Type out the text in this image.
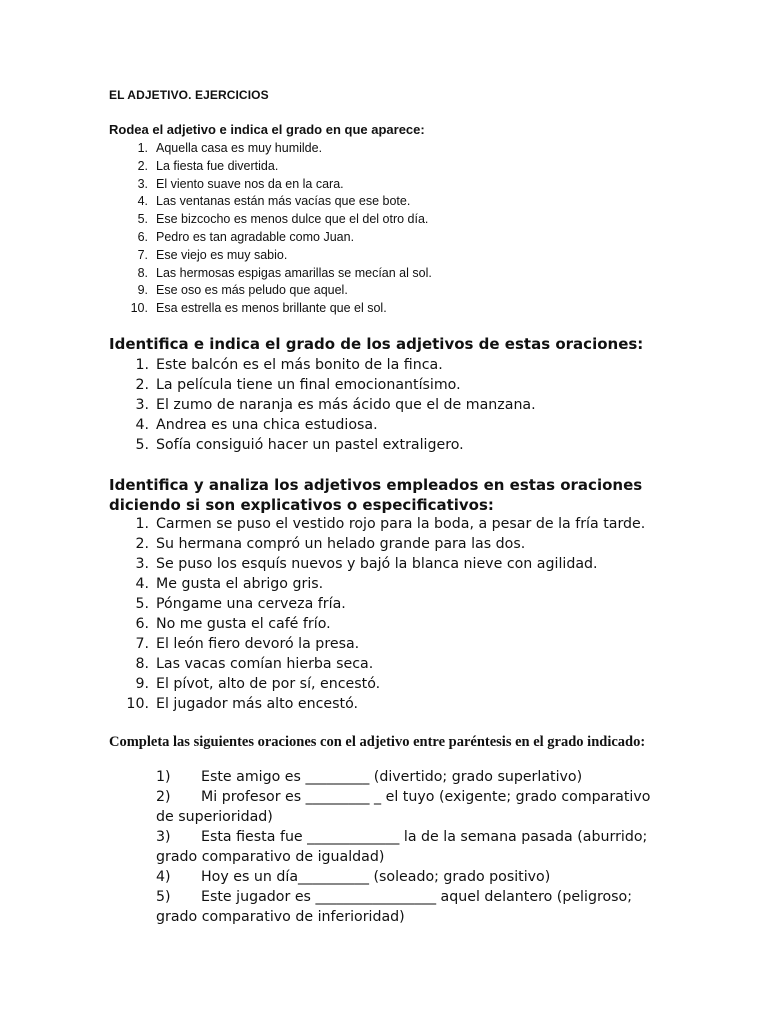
EL ADJETIVO. EJERCICIOS
Rodea el adjetivo e indica el grado en que aparece:
1. Aquella casa es muy humilde.
2. La fiesta fue divertida.
3. El viento suave nos da en la cara.
4. Las ventanas están más vacías que ese bote.
5. Ese bizcocho es menos dulce que el del otro día.
6. Pedro es tan agradable como Juan.
7. Ese viejo es muy sabio.
8. Las hermosas espigas amarillas se mecían al sol.
9. Ese oso es más peludo que aquel.
10. Esa estrella es menos brillante que el sol.
Identifica e indica el grado de los adjetivos de estas oraciones:
1. Este balcón es el más bonito de la finca.
2. La película tiene un final emocionantísimo.
3. El zumo de naranja es más ácido que el de manzana.
4. Andrea es una chica estudiosa.
5. Sofía consiguió hacer un pastel extraligero.
Identifica y analiza los adjetivos empleados en estas oraciones diciendo si son explicativos o especificativos:
1. Carmen se puso el vestido rojo para la boda, a pesar de la fría tarde.
2. Su hermana compró un helado grande para las dos.
3. Se puso los esquís nuevos y bajó la blanca nieve con agilidad.
4. Me gusta el abrigo gris.
5. Póngame una cerveza fría.
6. No me gusta el café frío.
7. El león fiero devoró la presa.
8. Las vacas comían hierba seca.
9. El pívot, alto de por sí, encestó.
10. El jugador más alto encestó.
Completa las siguientes oraciones con el adjetivo entre paréntesis en el grado indicado:
1) Este amigo es _________ (divertido; grado superlativo)
2) Mi profesor es _________ _ el tuyo (exigente; grado comparativo
de superioridad)
3) Esta fiesta fue _____________ la de la semana pasada (aburrido;
grado comparativo de igualdad)
4) Hoy es un día__________ (soleado; grado positivo)
5) Este jugador es _________________ aquel delantero (peligroso;
grado comparativo de inferioridad)
